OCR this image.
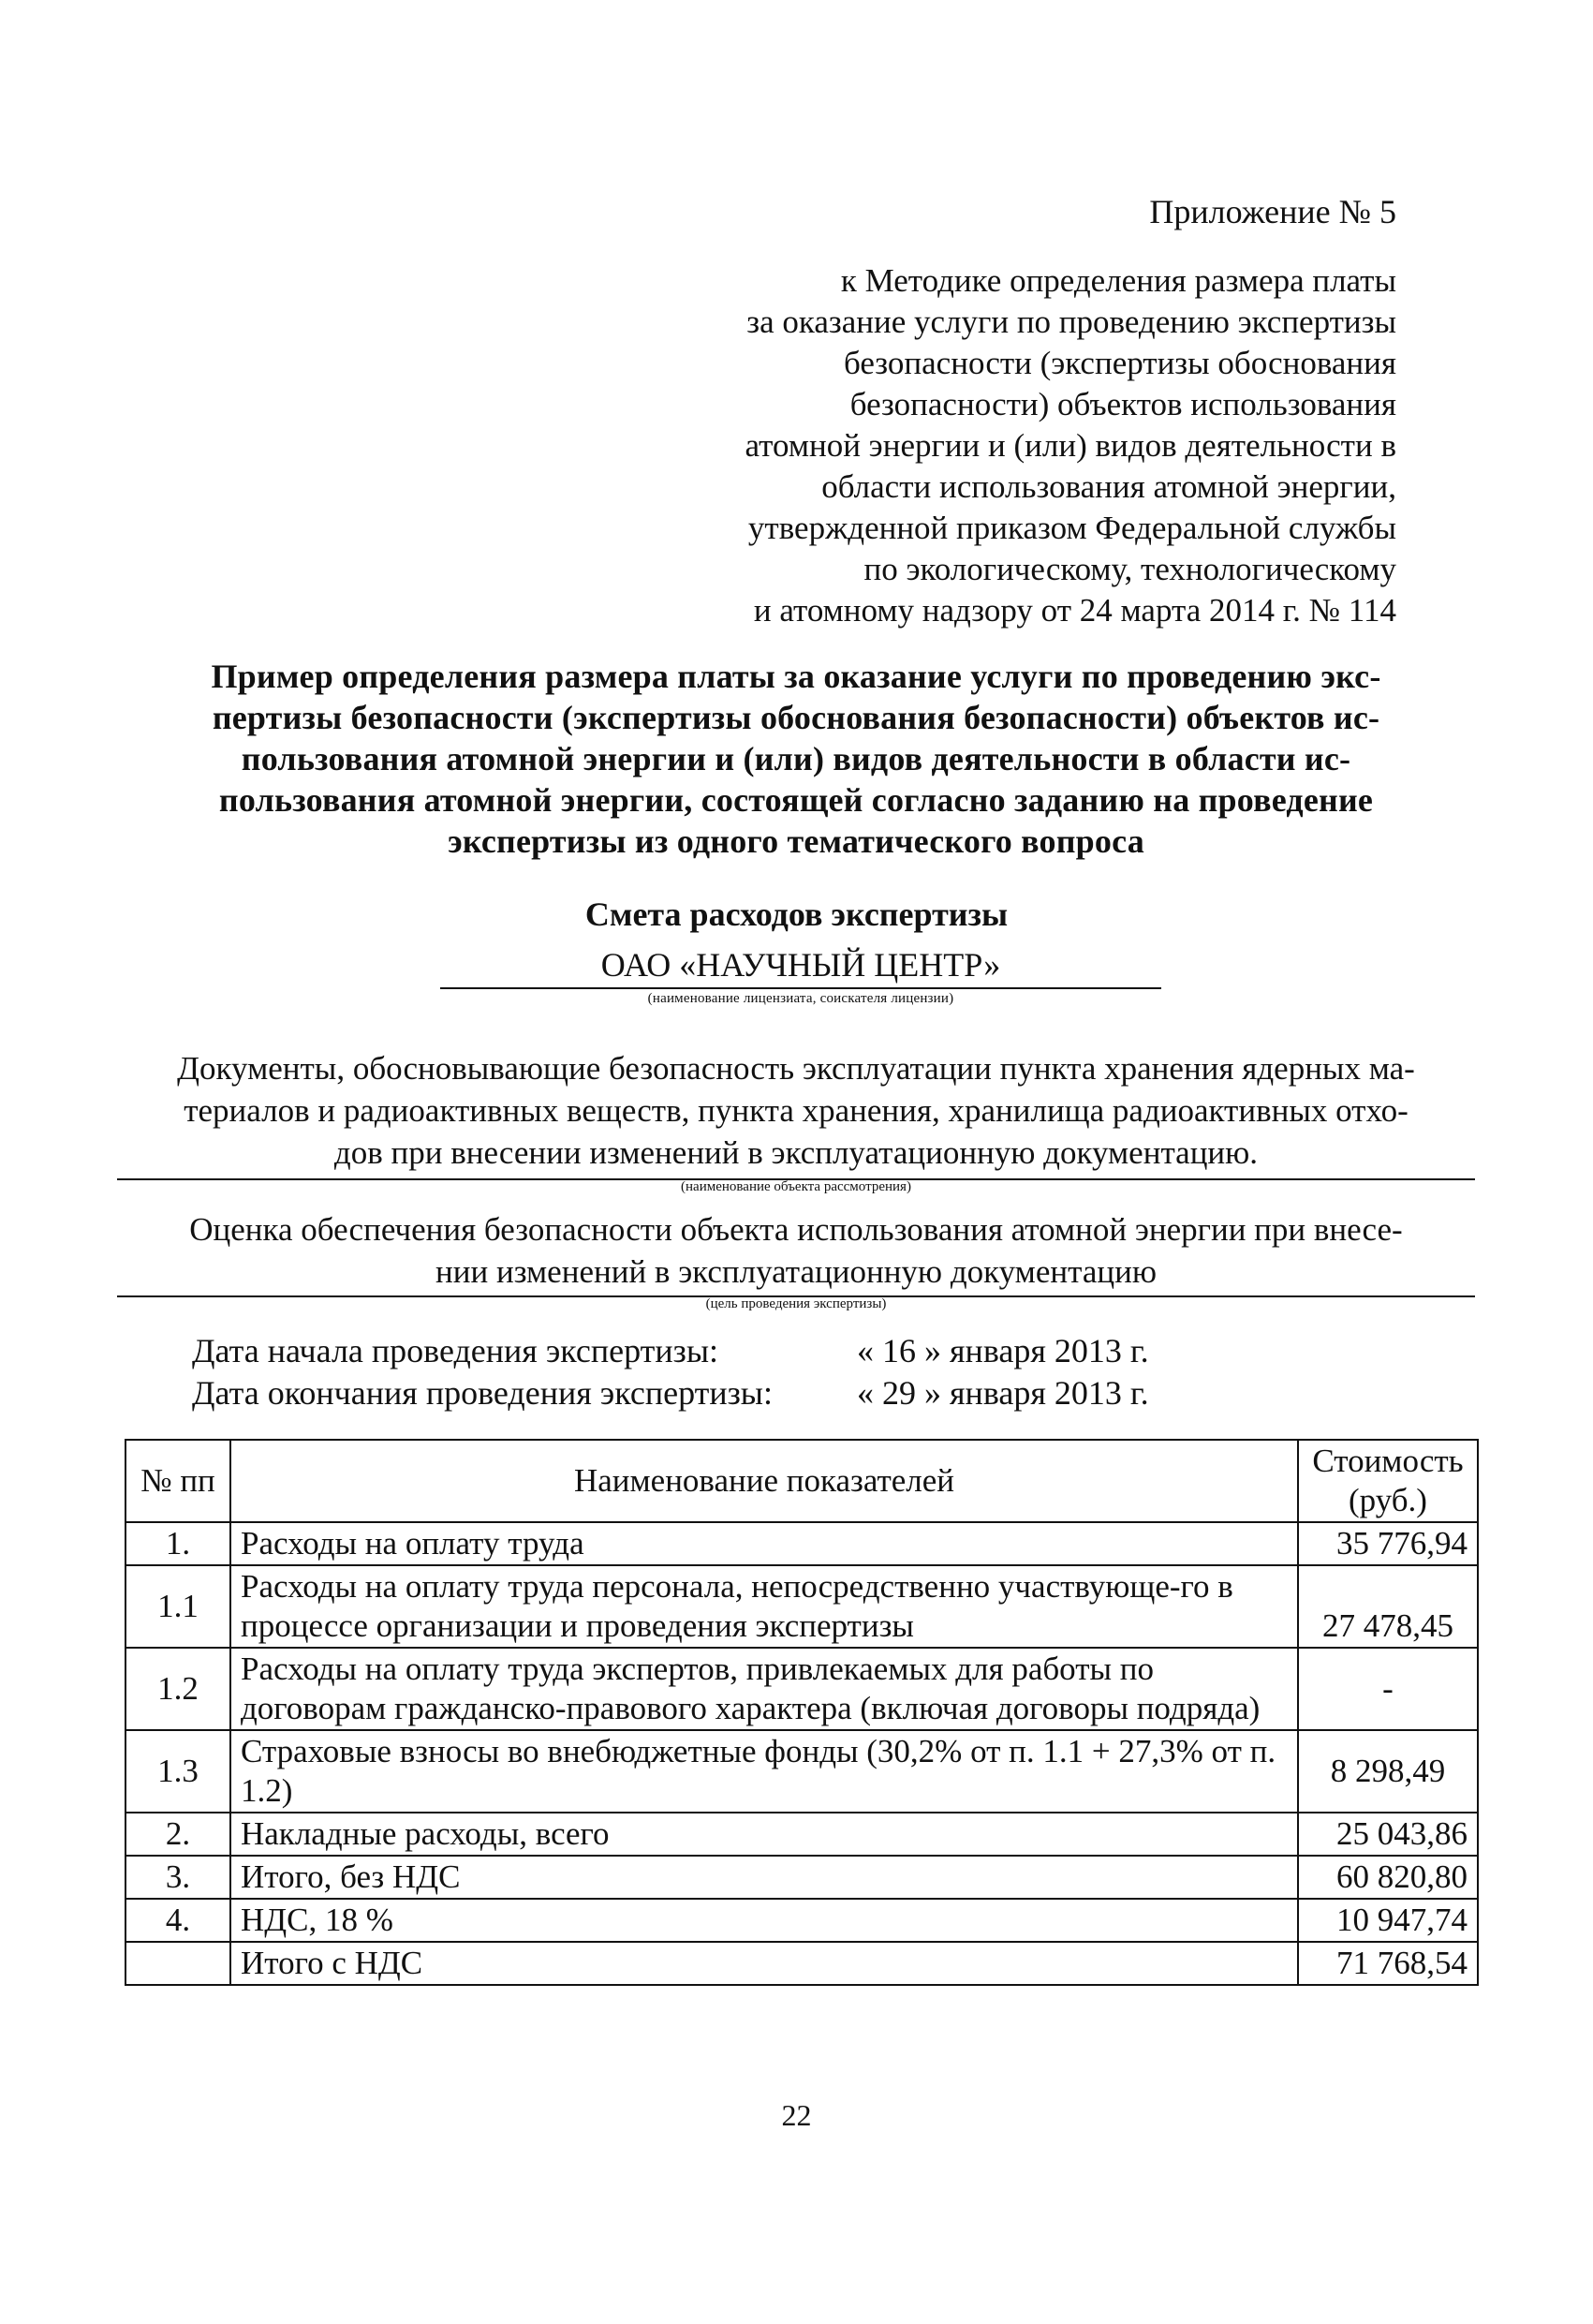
Приложение № 5
к Методике определения размера платы
за оказание услуги по проведению экспертизы
безопасности (экспертизы обоснования
безопасности) объектов использования
атомной энергии и (или) видов деятельности в
области использования атомной энергии,
утвержденной приказом Федеральной службы
по экологическому, технологическому
и атомному надзору от 24 марта 2014 г. № 114
Пример определения размера платы за оказание услуги по проведению экс-
пертизы безопасности (экспертизы обоснования безопасности) объектов ис-
пользования атомной энергии и (или) видов деятельности в области ис-
пользования атомной энергии, состоящей согласно заданию на проведение
экспертизы из одного тематического вопроса
Смета расходов экспертизы
ОАО «НАУЧНЫЙ ЦЕНТР»
(наименование лицензиата, соискателя лицензии)
Документы, обосновывающие безопасность эксплуатации пункта хранения ядерных ма-
териалов и радиоактивных веществ, пункта хранения, хранилища радиоактивных отхо-
дов при внесении изменений в эксплуатационную документацию.
(наименование объекта рассмотрения)
Оценка обеспечения безопасности объекта использования атомной энергии при внесе-
нии изменений в эксплуатационную документацию
(цель проведения экспертизы)
Дата начала проведения экспертизы:	« 16 » января 2013 г.
Дата окончания проведения экспертизы:	« 29 » января 2013 г.
№ пп	Наименование показателей	Стоимость (руб.)
1.	Расходы на оплату труда	35 776,94
1.1	Расходы на оплату труда персонала, непосредственно участвующе-го в процессе организации и проведения экспертизы	27 478,45
1.2	Расходы на оплату труда экспертов, привлекаемых для работы по договорам гражданско-правового характера (включая договоры подряда)	-
1.3	Страховые взносы во внебюджетные фонды (30,2% от п. 1.1 + 27,3% от п. 1.2)	8 298,49
2.	Накладные расходы, всего	25 043,86
3.	Итого, без НДС	60 820,80
4.	НДС, 18 %	10 947,74
	Итого с НДС	71 768,54
22
